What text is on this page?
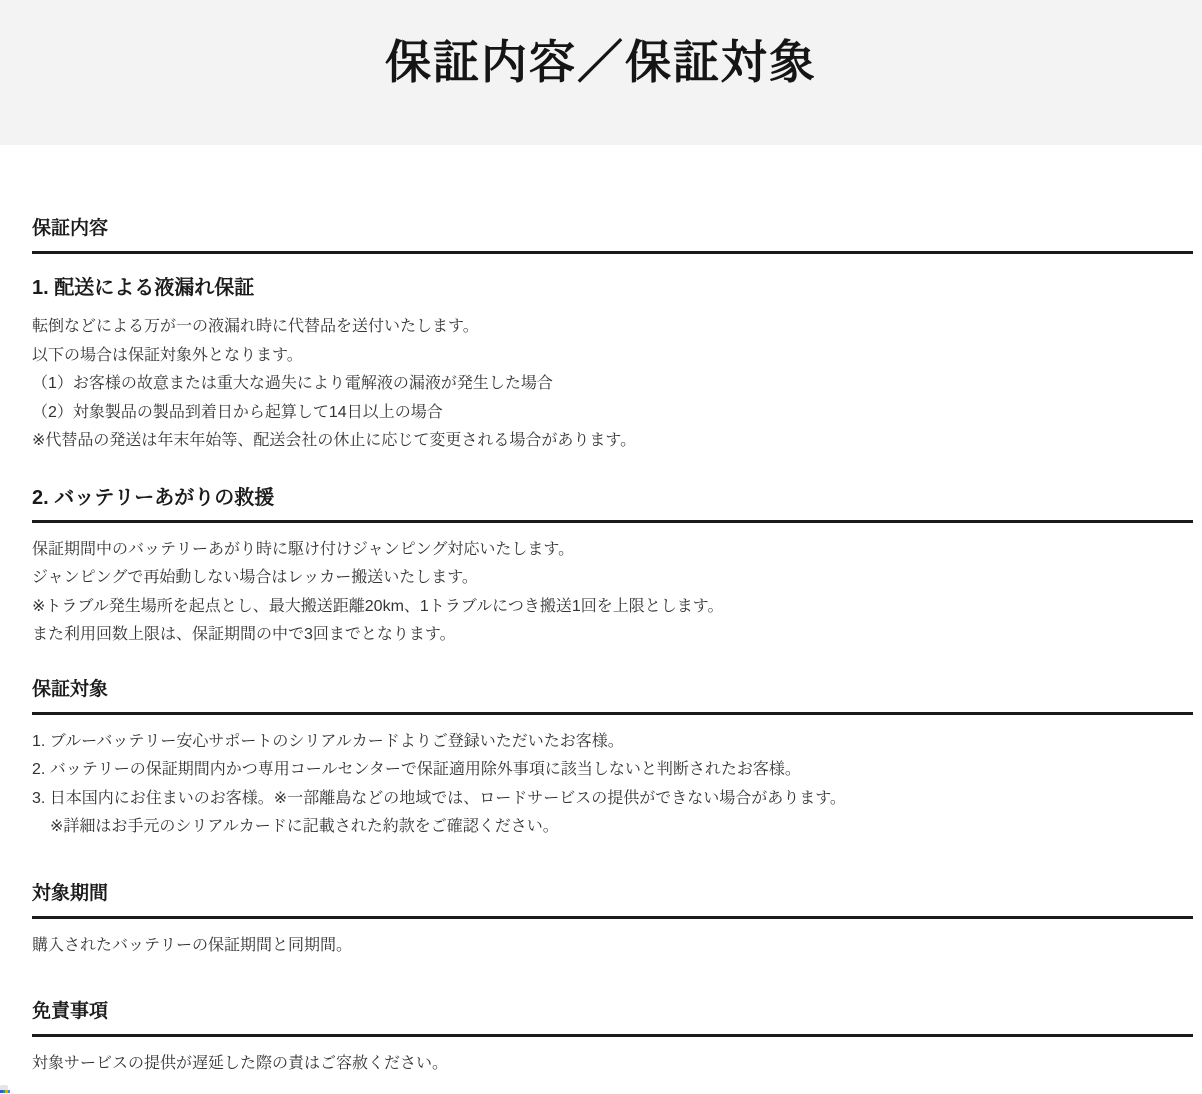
保証内容／保証対象
保証内容
1. 配送による液漏れ保証

転倒などによる万が一の液漏れ時に代替品を送付いたします。

以下の場合は保証対象外となります。

（1）お客様の故意または重大な過失により電解液の漏液が発生した場合

（2）対象製品の製品到着日から起算して14日以上の場合

※代替品の発送は年末年始等、配送会社の休止に応じて変更される場合があります。

2. バッテリーあがりの救援

保証期間中のバッテリーあがり時に駆け付けジャンピング対応いたします。

ジャンピングで再始動しない場合はレッカー搬送いたします。

※トラブル発生場所を起点とし、最大搬送距離20km、1トラブルにつき搬送1回を上限とします。

また利用回数上限は、保証期間の中で3回までとなります。

保証対象

1. ブルーバッテリー安心サポートのシリアルカードよりご登録いただいたお客様。

2. バッテリーの保証期間内かつ専用コールセンターで保証適用除外事項に該当しないと判断されたお客様。

3. 日本国内にお住まいのお客様。※一部離島などの地域では、ロードサービスの提供ができない場合があります。

※詳細はお手元のシリアルカードに記載された約款をご確認ください。

対象期間

購入されたバッテリーの保証期間と同期間。

免責事項

対象サービスの提供が遅延した際の責はご容赦ください。
